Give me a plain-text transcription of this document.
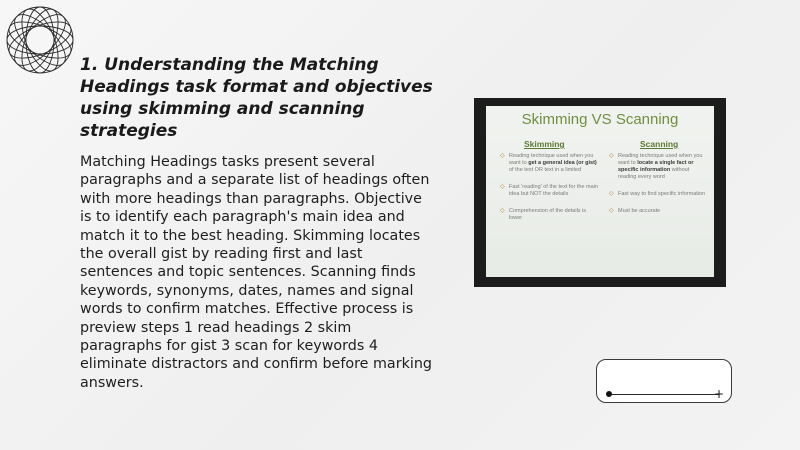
1. Understanding the Matching Headings task format and objectives using skimming and scanning strategies

Matching Headings tasks present several paragraphs and a separate list of headings often with more headings than paragraphs. Objective is to identify each paragraph's main idea and match it to the best heading. Skimming locates the overall gist by reading first and last sentences and topic sentences. Scanning finds keywords, synonyms, dates, names and signal words to confirm matches. Effective process is preview steps 1 read headings 2 skim paragraphs for gist 3 scan for keywords 4 eliminate distractors and confirm before marking answers.

Skimming VS Scanning
Skimming	Scanning
◇ Reading technique used when you want to get a general idea (or gist) of the text OR text in a limited
◇ Fast 'reading' of the text for the main idea but NOT the details
◇ Comprehension of the details is lower
◇ Reading technique used when you want to locate a single fact or specific information without reading every word
◇ Fast way to find specific information
◇ Must be accurate
+
